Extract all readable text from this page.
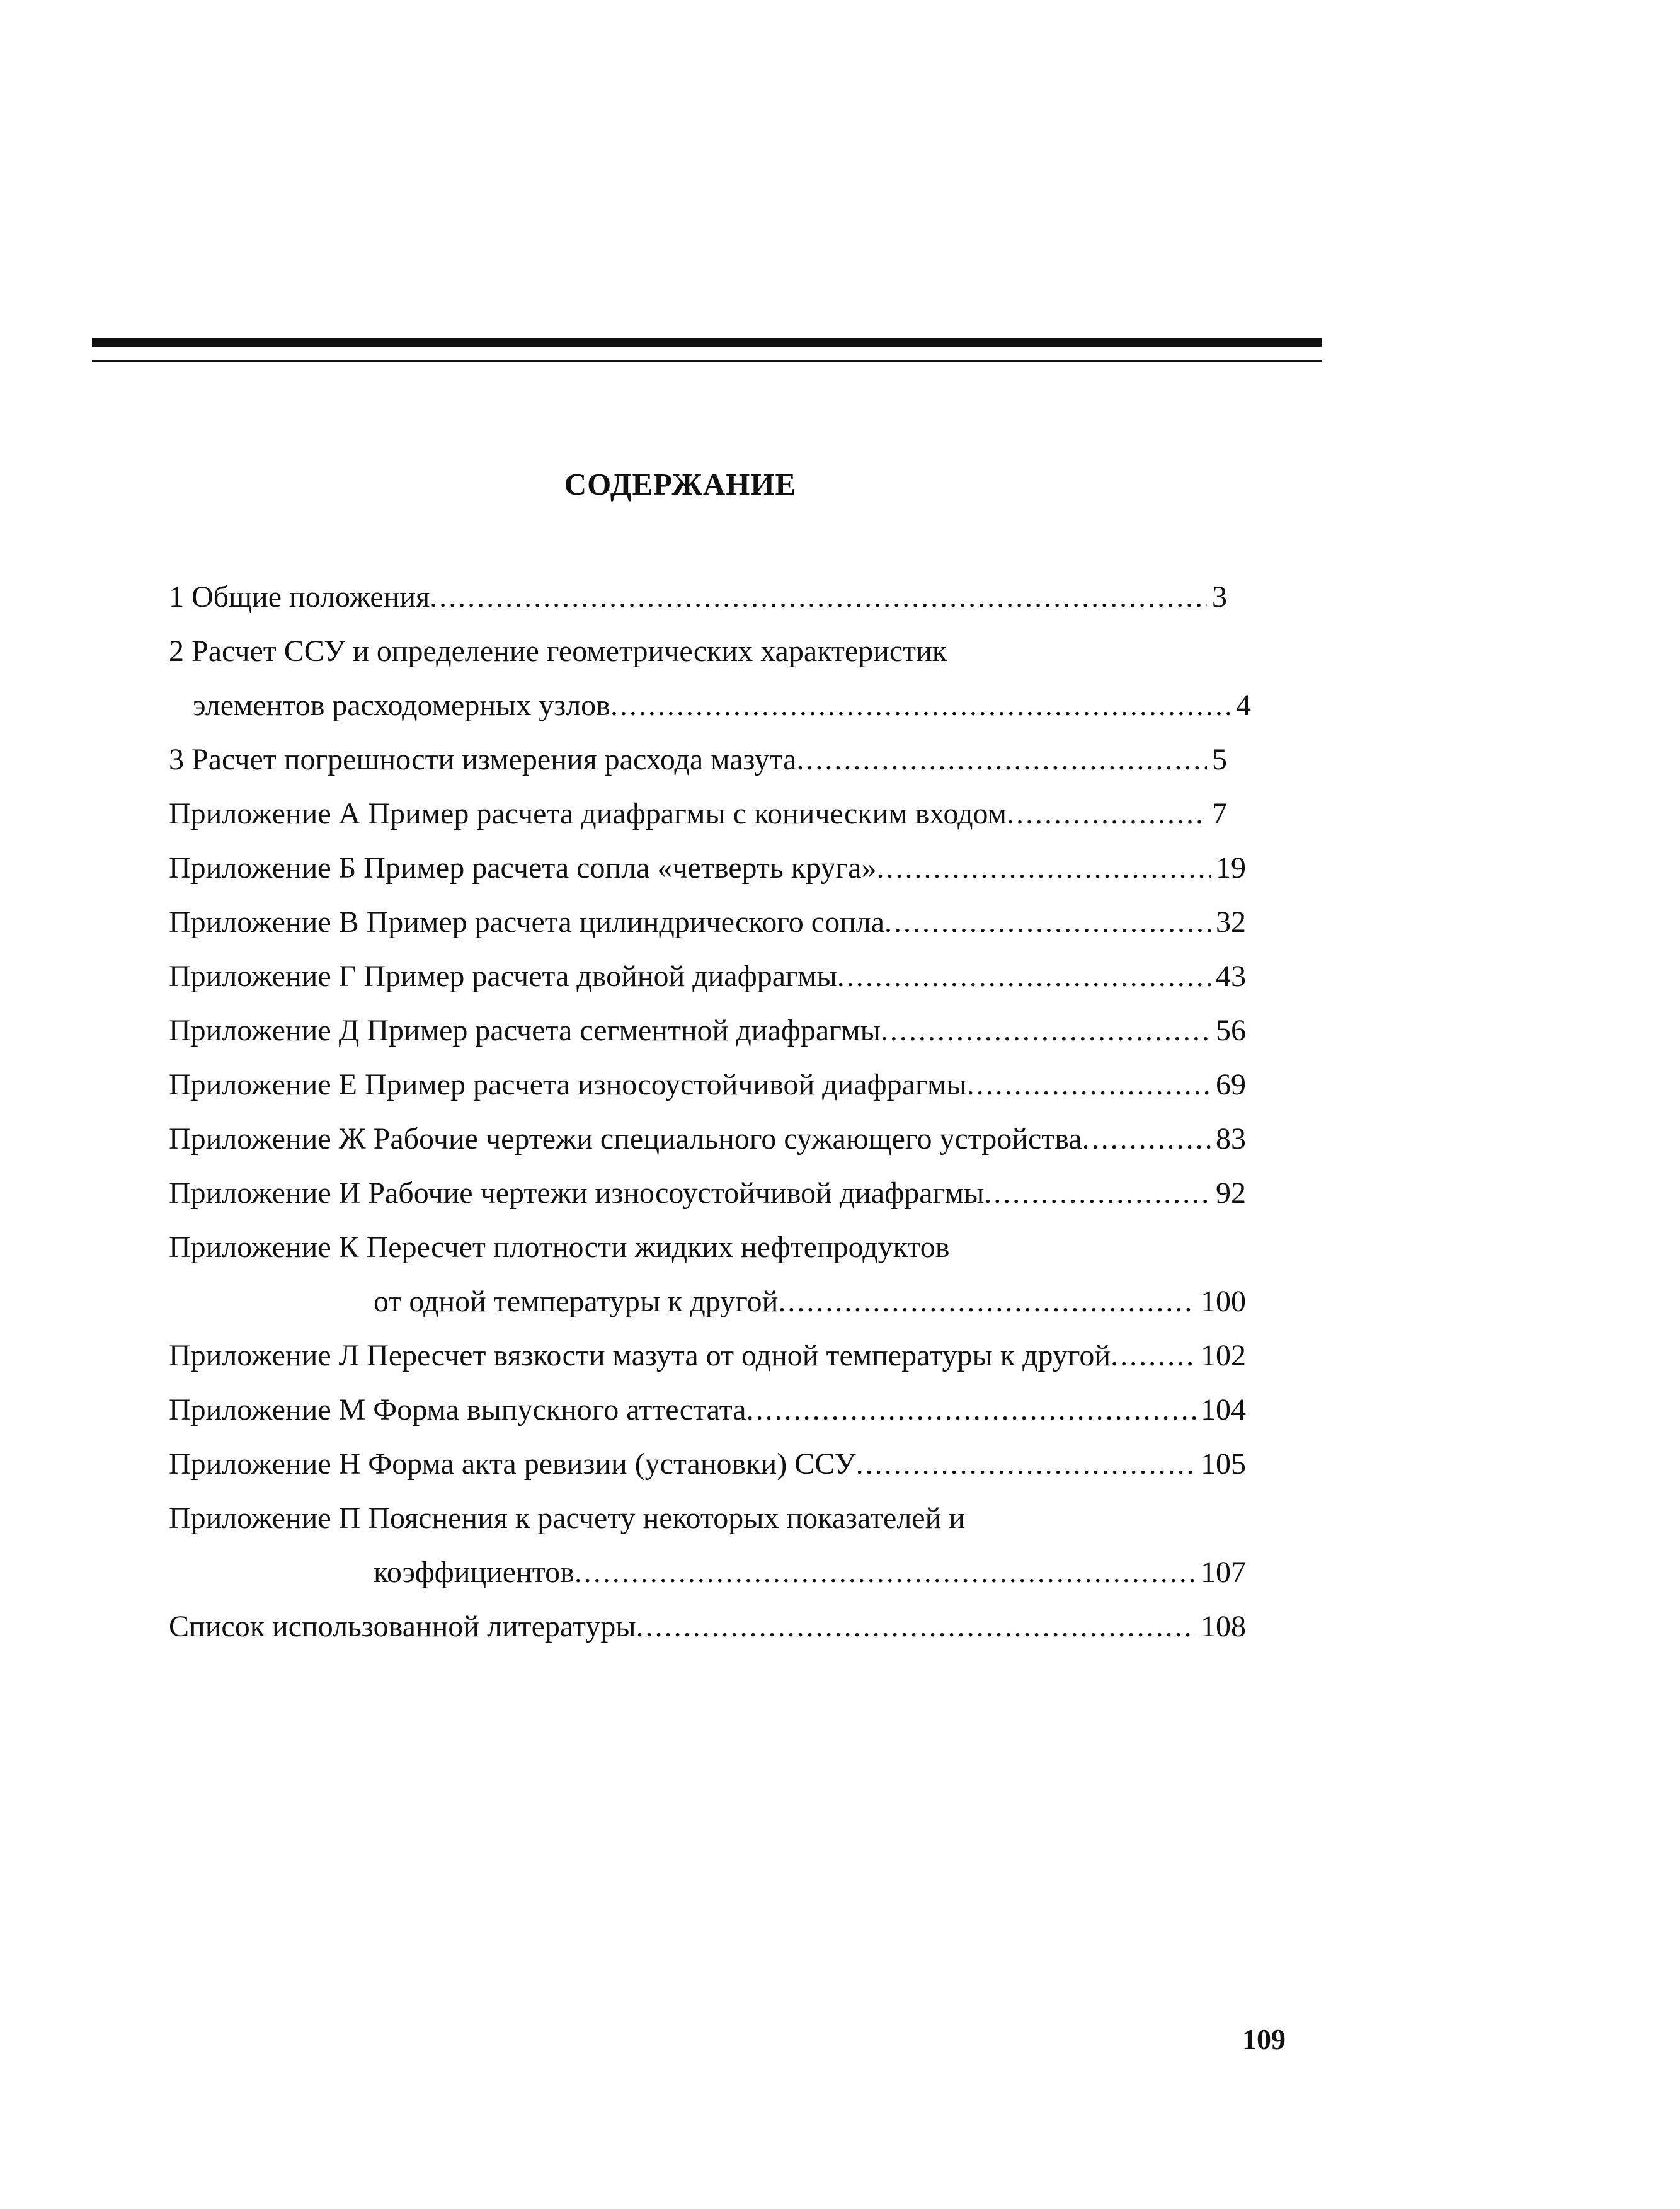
СОДЕРЖАНИЕ
1 Общие положения .....	3
2 Расчет ССУ и определение геометрических характеристик
элементов расходомерных узлов .....	4
3 Расчет погрешности измерения расхода мазута .....	5
Приложение А Пример расчета диафрагмы с коническим входом .....	7
Приложение Б Пример расчета сопла «четверть круга» .....	19
Приложение В Пример расчета цилиндрического сопла .....	32
Приложение Г Пример расчета двойной диафрагмы .....	43
Приложение Д Пример расчета сегментной диафрагмы .....	56
Приложение Е Пример расчета износоустойчивой диафрагмы .....	69
Приложение Ж Рабочие чертежи специального сужающего устройства .....	83
Приложение И Рабочие чертежи износоустойчивой диафрагмы .....	92
Приложение К Пересчет плотности жидких нефтепродуктов
от одной температуры к другой .....	100
Приложение Л Пересчет вязкости мазута от одной температуры к другой .....	102
Приложение М Форма выпускного аттестата .....	104
Приложение Н Форма акта ревизии (установки) ССУ .....	105
Приложение П Пояснения к расчету некоторых показателей и
коэффициентов .....	107
Список использованной литературы .....	108
109
